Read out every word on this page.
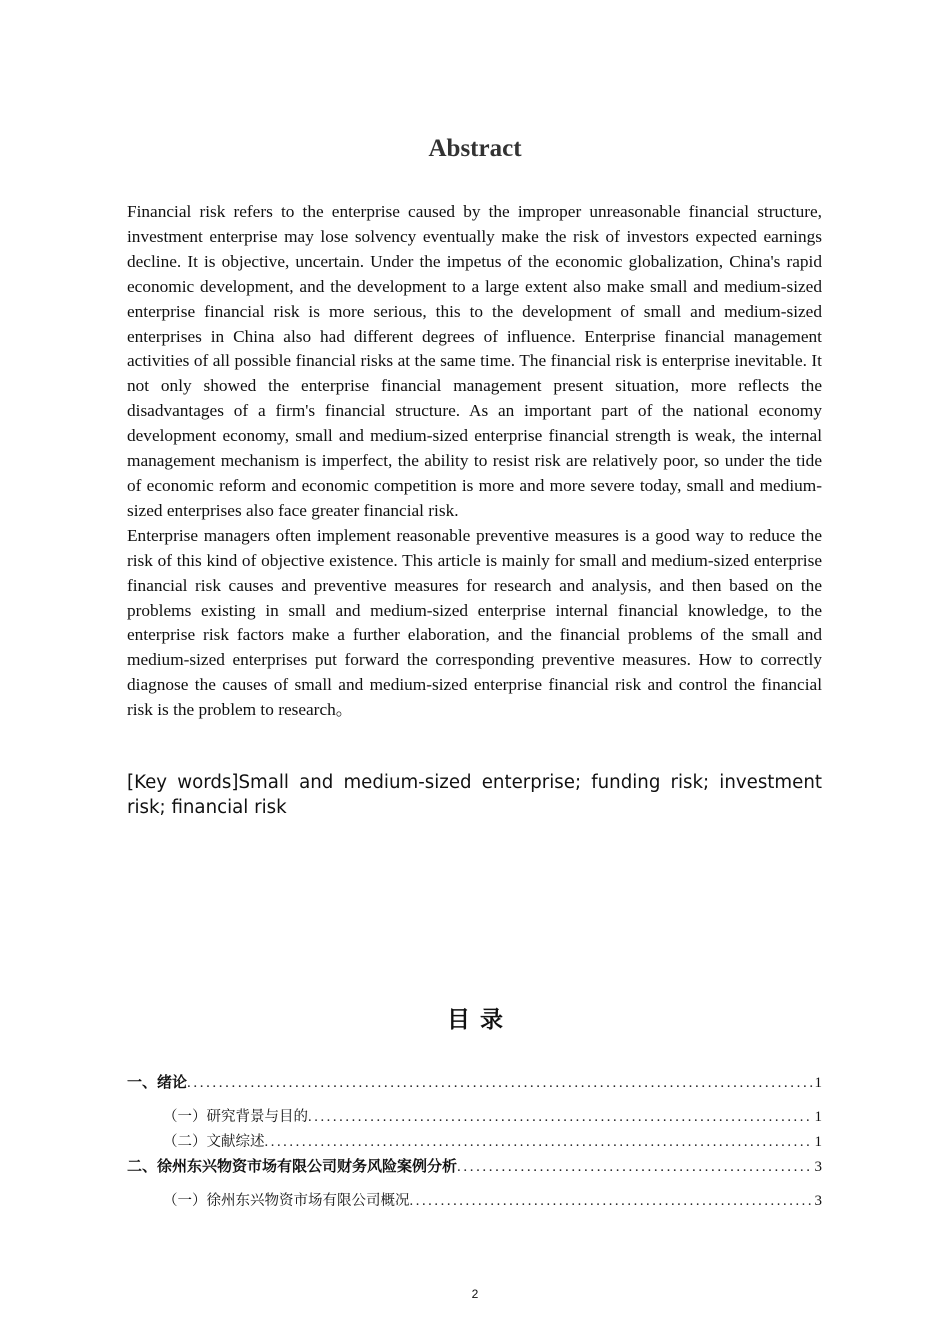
Abstract

Financial risk refers to the enterprise caused by the improper unreasonable financial structure, investment enterprise may lose solvency eventually make the risk of investors expected earnings decline. It is objective, uncertain. Under the impetus of the economic globalization, China's rapid economic development, and the development to a large extent also make small and medium-sized enterprise financial risk is more serious, this to the development of small and medium-sized enterprises in China also had different degrees of influence. Enterprise financial management activities of all possible financial risks at the same time. The financial risk is enterprise inevitable. It not only showed the enterprise financial management present situation, more reflects the disadvantages of a firm's financial structure. As an important part of the national economy development economy, small and medium-sized enterprise financial strength is weak, the internal management mechanism is imperfect, the ability to resist risk are relatively poor, so under the tide of economic reform and economic competition is more and more severe today, small and medium-sized enterprises also face greater financial risk.

Enterprise managers often implement reasonable preventive measures is a good way to reduce the risk of this kind of objective existence. This article is mainly for small and medium-sized enterprise financial risk causes and preventive measures for research and analysis, and then based on the problems existing in small and medium-sized enterprise internal financial knowledge, to the enterprise risk factors make a further elaboration, and the financial problems of the small and medium-sized enterprises put forward the corresponding preventive measures. How to correctly diagnose the causes of small and medium-sized enterprise financial risk and control the financial risk is the problem to research。

[Key words]Small and medium-sized enterprise; funding risk; investment risk; financial risk
目录
一、绪论 .....	1
（一）研究背景与目的 .....	1
（二）文献综述 .....	1
二、徐州东兴物资市场有限公司财务风险案例分析 .....	3
（一）徐州东兴物资市场有限公司概况 .....	3
2
